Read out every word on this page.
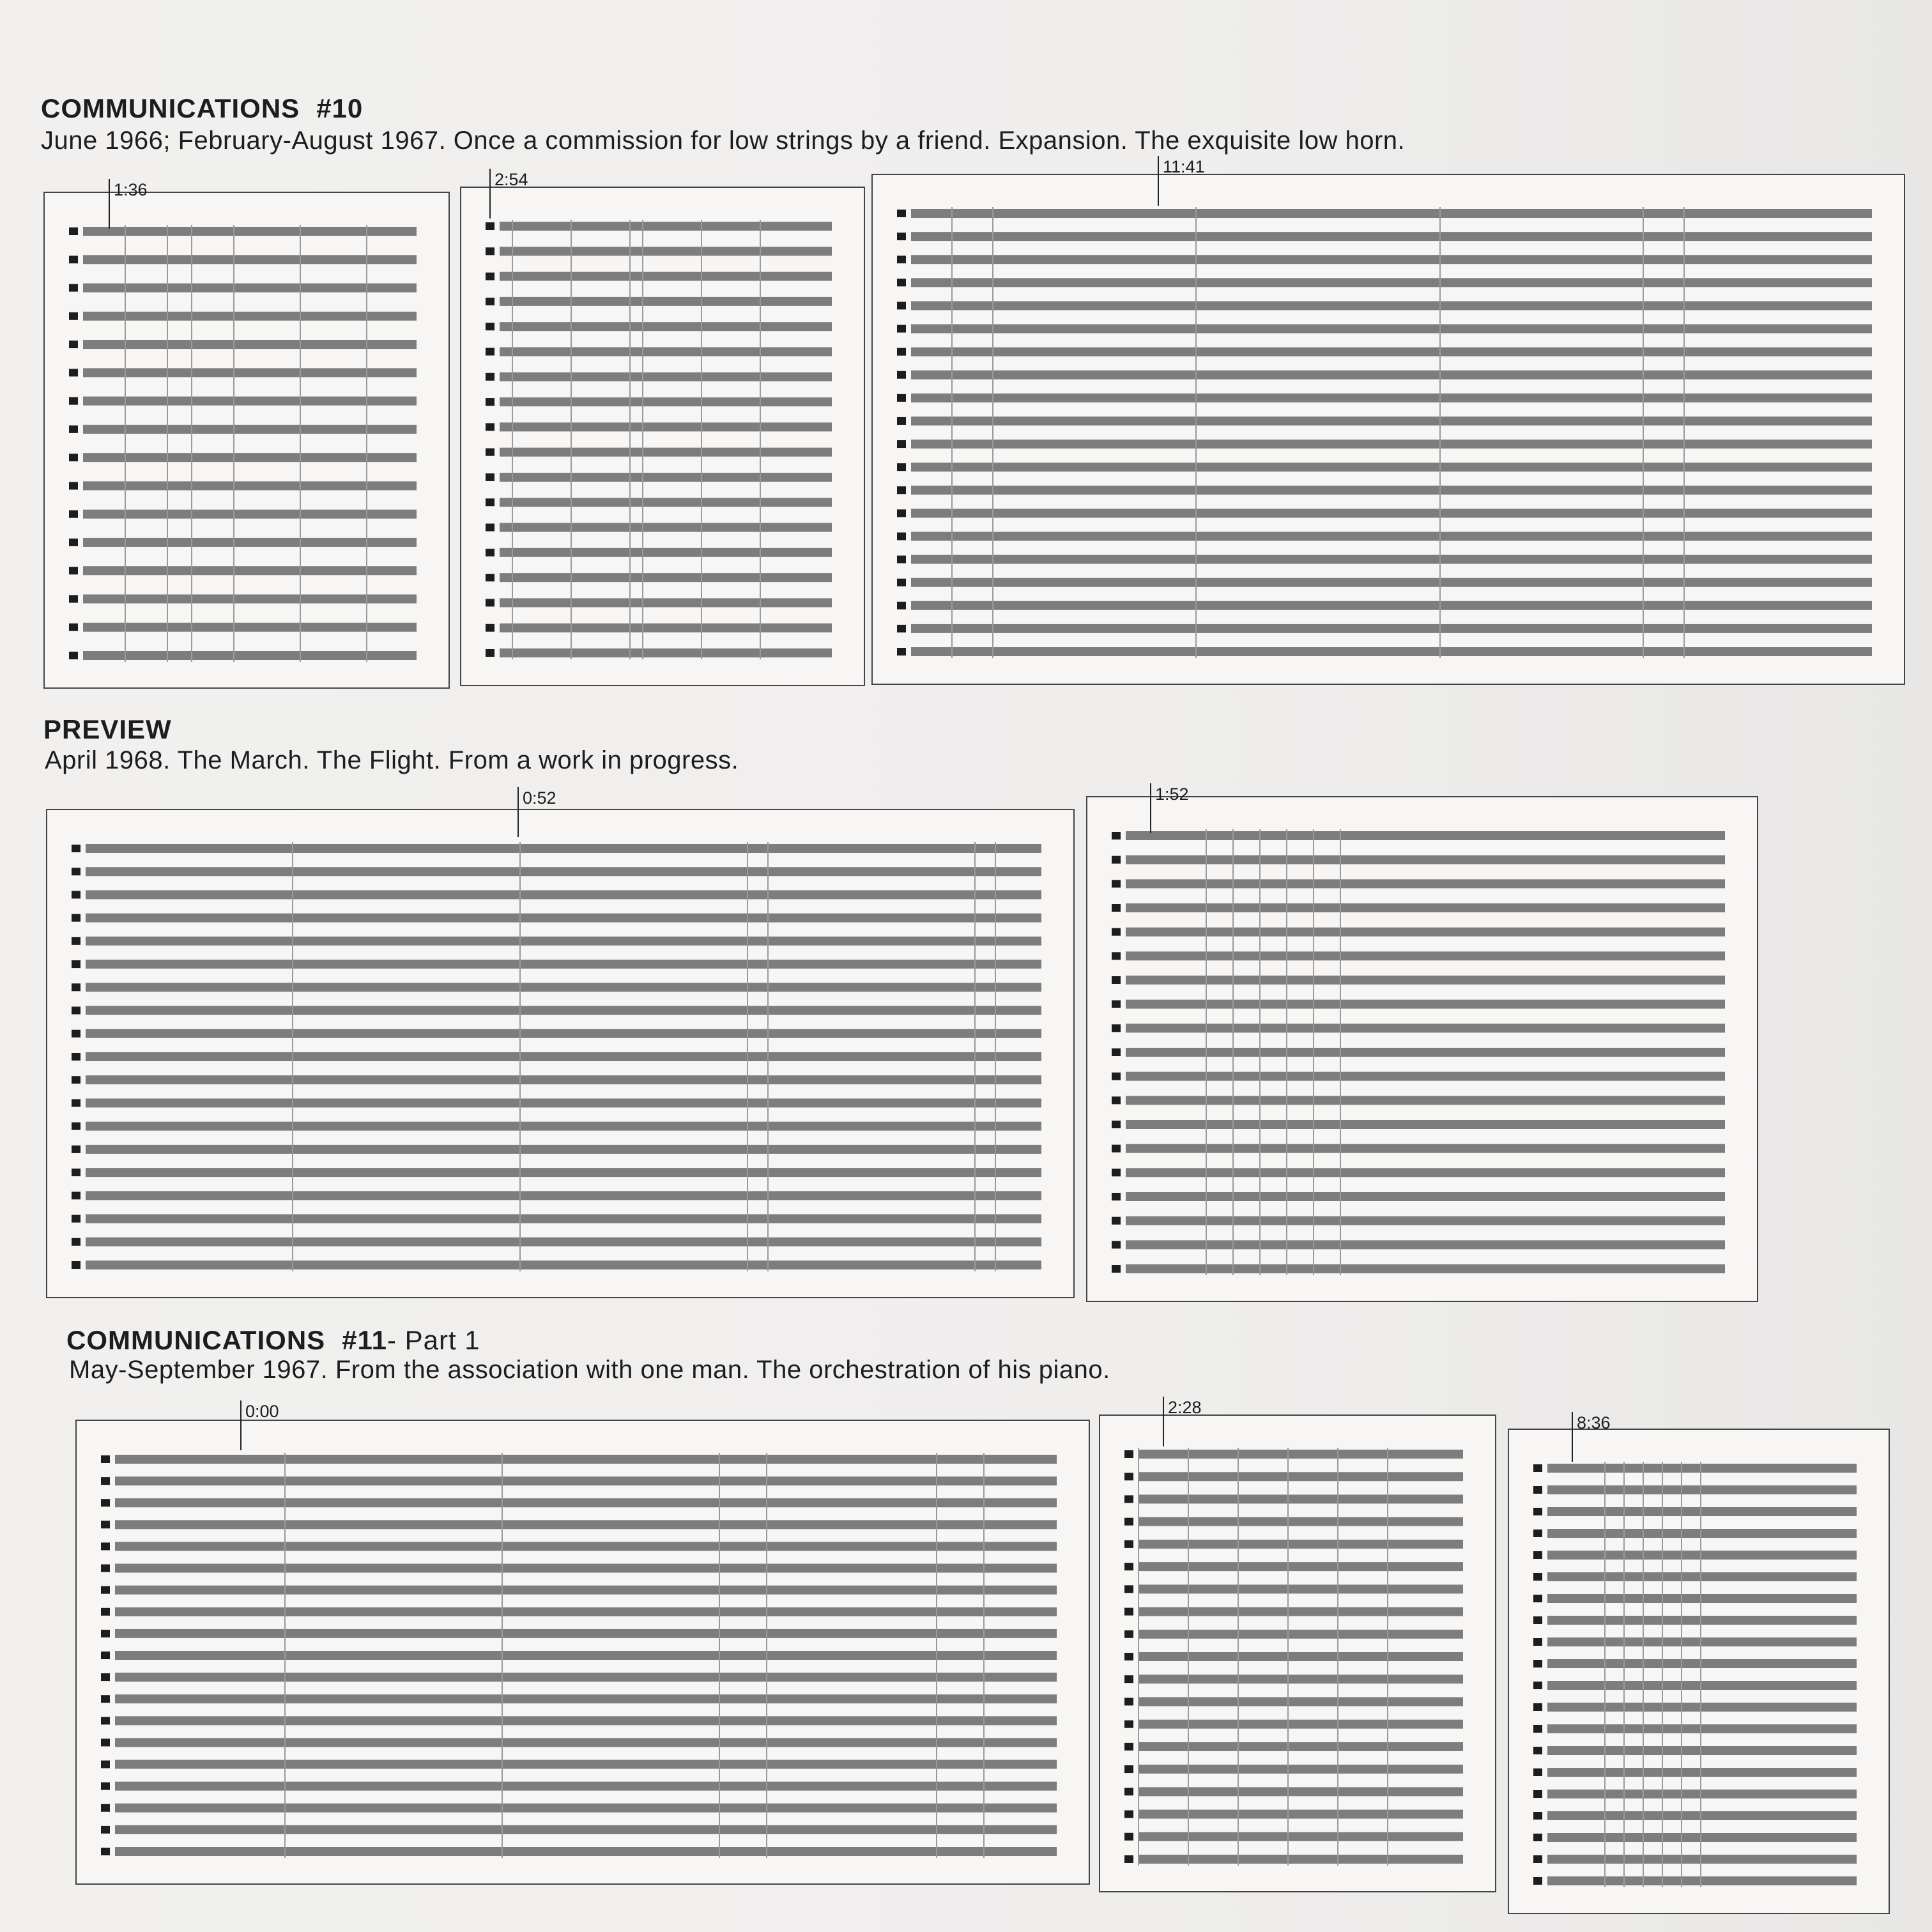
COMMUNICATIONS #10
June 1966; February-August 1967. Once a commission for low strings by a friend. Expansion. The exquisite low horn.
1:36
2:54
11:41
PREVIEW
April 1968. The March. The Flight. From a work in progress.
0:52	1:52
COMMUNICATIONS #11- Part 1
May-September 1967. From the association with one man. The orchestration of his piano.
0:00	2:28
8:36
